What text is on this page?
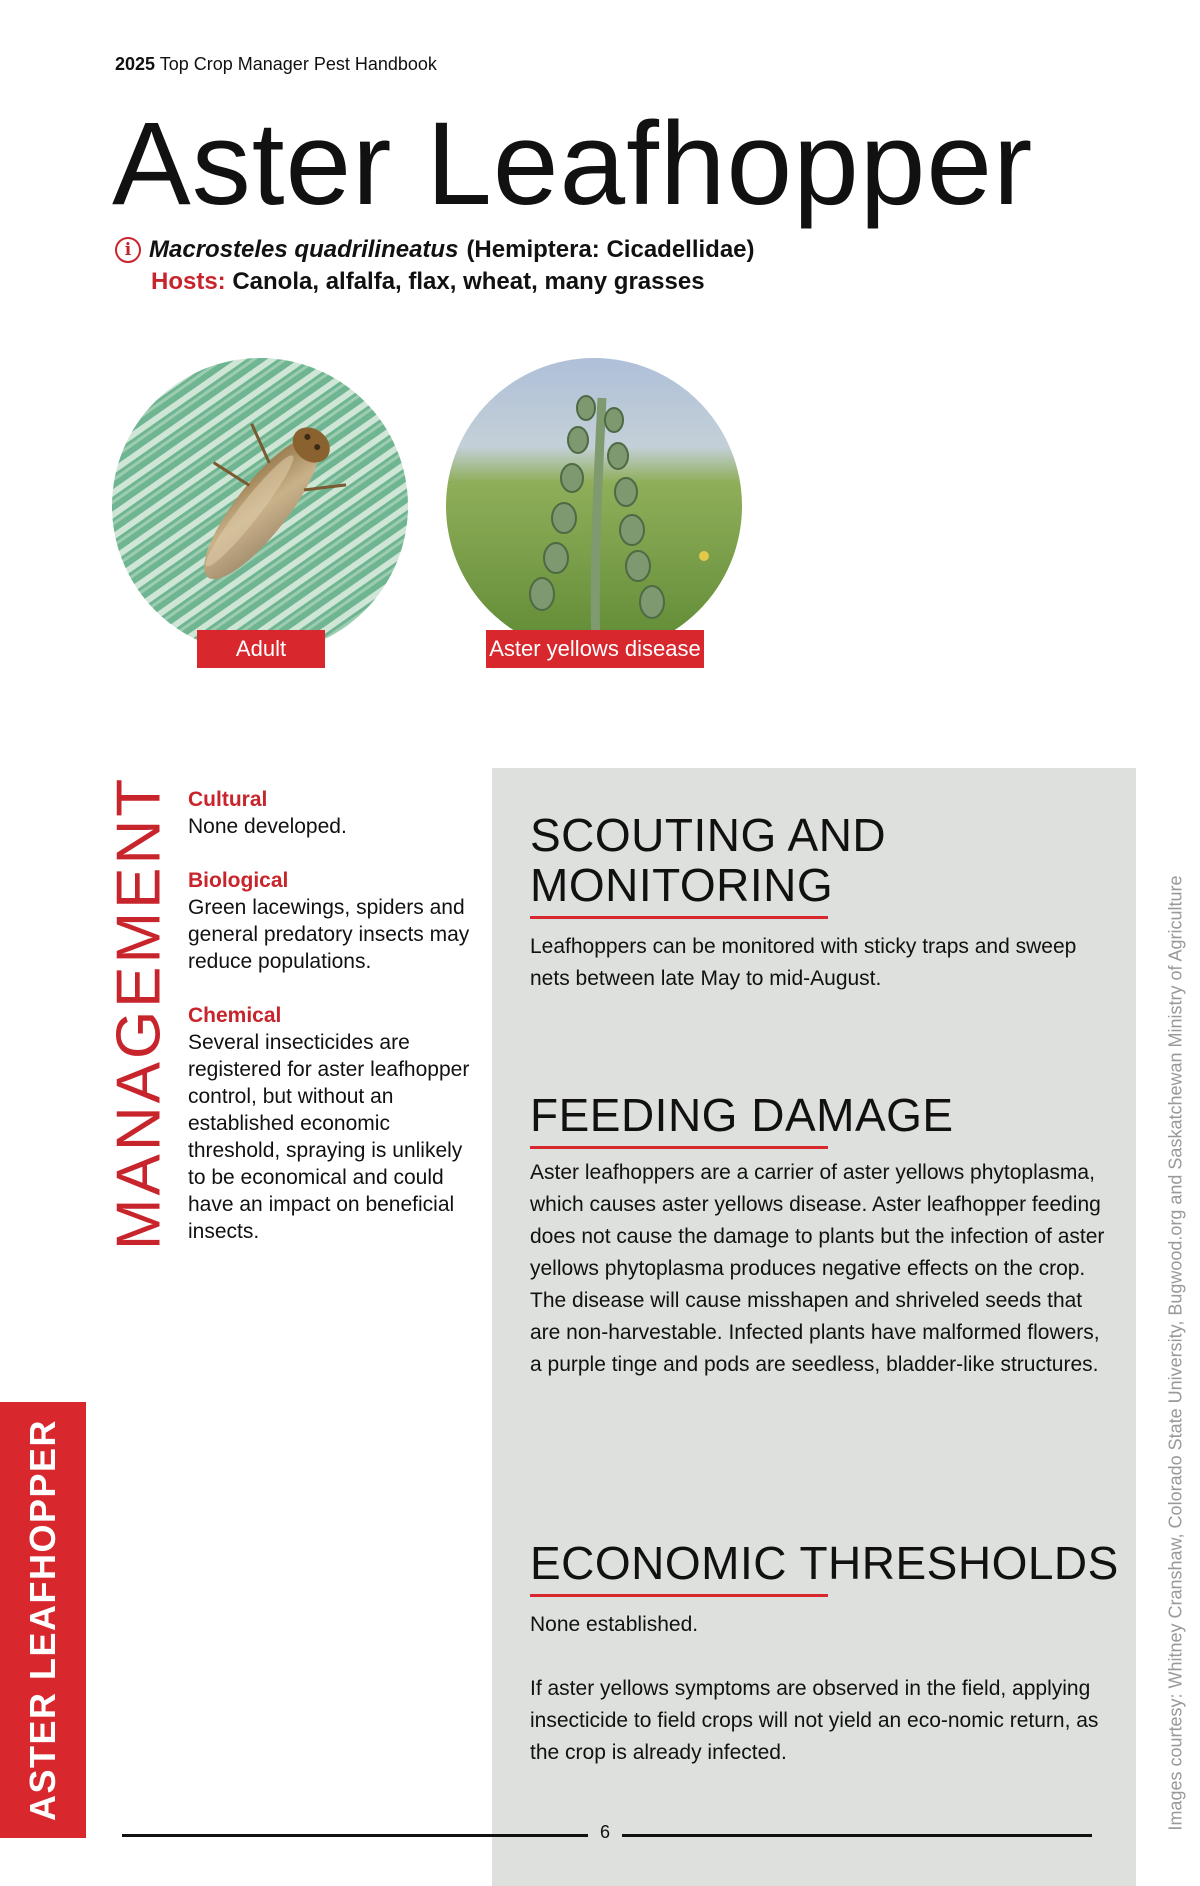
2025 Top Crop Manager Pest Handbook
Aster Leafhopper
i Macrosteles quadrilineatus (Hemiptera: Cicadellidae)
Hosts: Canola, alfalfa, flax, wheat, many grasses
Adult	Aster yellows disease
MANAGEMENT Cultural
None developed.
Biological
Green lacewings, spiders and general predatory insects may reduce populations.
Chemical
Several insecticides are registered for aster leafhopper control, but without an established economic threshold, spraying is unlikely to be economical and could have an impact on beneficial insects.
SCOUTING AND
MONITORING
Leafhoppers can be monitored with sticky traps and sweep nets between late May to mid-August.
FEEDING DAMAGE
Aster leafhoppers are a carrier of aster yellows phytoplasma, which causes aster yellows disease. Aster leafhopper feeding does not cause the damage to plants but the infection of aster yellows phytoplasma produces negative effects on the crop. The disease will cause misshapen and shriveled seeds that are non-harvestable. Infected plants have malformed flowers, a purple tinge and pods are seedless, bladder-like structures.
ECONOMIC THRESHOLDS
None established.
If aster yellows symptoms are observed in the field, applying insecticide to field crops will not yield an eco-nomic return, as the crop is already infected.
ASTER LEAFHOPPER	Images courtesy: Whitney Cranshaw, Colorado State University, Bugwood.org and Saskatchewan Ministry of Agriculture
6
